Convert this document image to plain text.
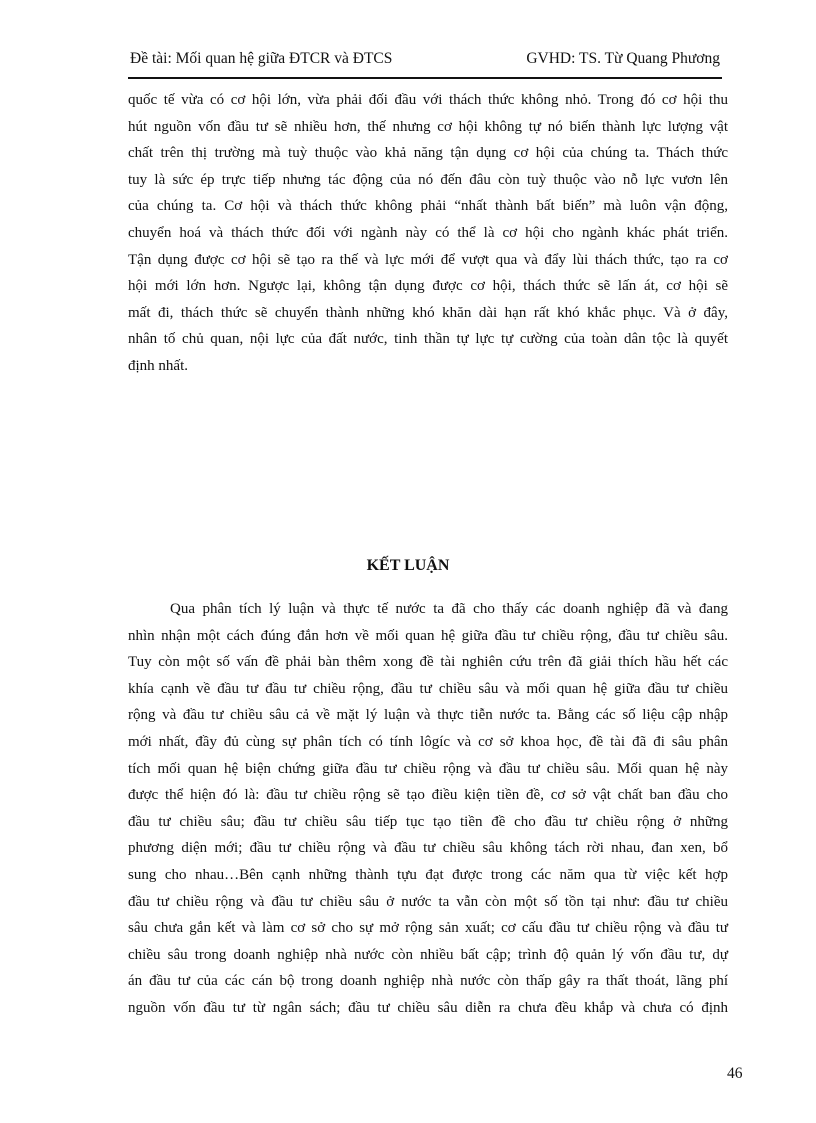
Đề tài: Mối quan hệ giữa ĐTCR và ĐTCS	GVHD: TS. Từ Quang Phương

quốc tế vừa có cơ hội lớn, vừa phải đối đầu với thách thức không nhỏ. Trong đó cơ hội thu
hút nguồn vốn đầu tư sẽ nhiều hơn, thế nhưng cơ hội không tự nó biến thành lực lượng vật
chất trên thị trường mà tuỳ thuộc vào khả năng tận dụng cơ hội của chúng ta. Thách thức
tuy là sức ép trực tiếp nhưng tác động của nó đến đâu còn tuỳ thuộc vào nỗ lực vươn lên
của chúng ta. Cơ hội và thách thức không phải “nhất thành bất biến” mà luôn vận động,
chuyển hoá và thách thức đối với ngành này có thể là cơ hội cho ngành khác phát triển.
Tận dụng được cơ hội sẽ tạo ra thế và lực mới để vượt qua và đẩy lùi thách thức, tạo ra cơ
hội mới lớn hơn. Ngược lại, không tận dụng được cơ hội, thách thức sẽ lấn át, cơ hội sẽ
mất đi, thách thức sẽ chuyển thành những khó khăn dài hạn rất khó khắc phục. Và ở đây,
nhân tố chủ quan, nội lực của đất nước, tinh thần tự lực tự cường của toàn dân tộc là quyết
định nhất.

KẾT LUẬN

Qua phân tích lý luận và thực tế nước ta đã cho thấy các doanh nghiệp đã và đang
nhìn nhận một cách đúng đắn hơn về mối quan hệ giữa đầu tư chiều rộng, đầu tư chiều sâu.
Tuy còn một số vấn đề phải bàn thêm xong đề tài nghiên cứu trên đã giải thích hầu hết các
khía cạnh về đầu tư đầu tư chiều rộng, đầu tư chiều sâu và mối quan hệ giữa đầu tư chiều
rộng và đầu tư chiều sâu cả về mặt lý luận và thực tiễn nước ta. Bằng các số liệu cập nhập
mới nhất, đầy đủ cùng sự phân tích có tính lôgíc và cơ sở khoa học, đề tài đã đi sâu phân
tích mối quan hệ biện chứng giữa đầu tư chiều rộng và đầu tư chiều sâu. Mối quan hệ này
được thể hiện đó là: đầu tư chiều rộng sẽ tạo điều kiện tiền đề, cơ sở vật chất ban đầu cho
đầu tư chiều sâu; đầu tư chiều sâu tiếp tục tạo tiền đề cho đầu tư chiều rộng ở những
phương diện mới; đầu tư chiều rộng và đầu tư chiều sâu không tách rời nhau, đan xen, bổ
sung cho nhau…Bên cạnh những thành tựu đạt được trong các năm qua từ việc kết hợp
đầu tư chiều rộng và đầu tư chiều sâu ở nước ta vẫn còn một số tồn tại như: đầu tư chiều
sâu chưa gắn kết và làm cơ sở cho sự mở rộng sản xuất; cơ cấu đầu tư chiều rộng và đầu tư
chiều sâu trong doanh nghiệp nhà nước còn nhiều bất cập; trình độ quản lý vốn đầu tư, dự
án đầu tư của các cán bộ trong doanh nghiệp nhà nước còn thấp gây ra thất thoát, lãng phí
nguồn vốn đầu tư từ ngân sách; đầu tư chiều sâu diễn ra chưa đều khắp và chưa có định

46
